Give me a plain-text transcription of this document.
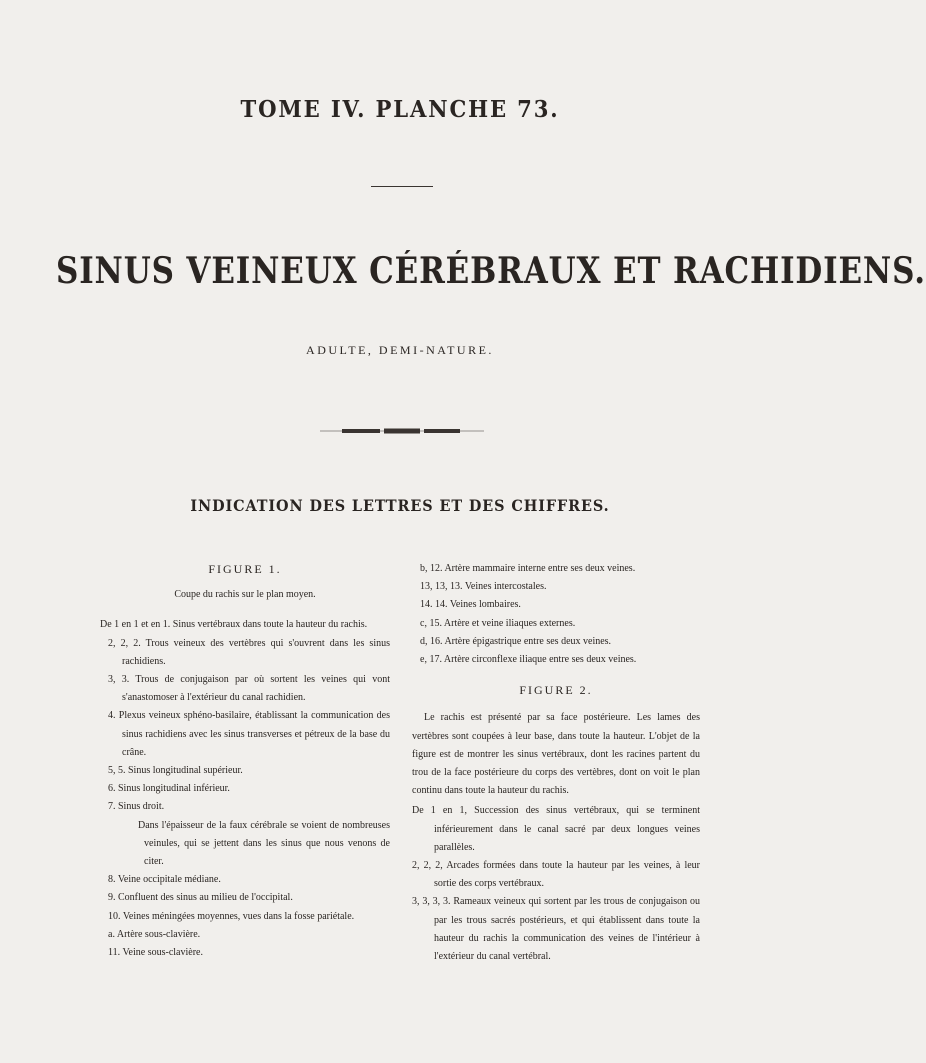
TOME IV. PLANCHE 73.
SINUS VEINEUX CÉRÉBRAUX ET RACHIDIENS.
ADULTE, DEMI-NATURE.
INDICATION DES LETTRES ET DES CHIFFRES.

FIGURE 1.

Coupe du rachis sur le plan moyen.

De 1 en 1 et en 1. Sinus vertébraux dans toute la hauteur du rachis.

2, 2, 2. Trous veineux des vertèbres qui s'ouvrent dans les sinus rachidiens.

3, 3. Trous de conjugaison par où sortent les veines qui vont s'anastomoser à l'extérieur du canal rachidien.

4. Plexus veineux sphéno-basilaire, établissant la communication des sinus rachidiens avec les sinus transverses et pétreux de la base du crâne.

5, 5. Sinus longitudinal supérieur.

6. Sinus longitudinal inférieur.

7. Sinus droit.

Dans l'épaisseur de la faux cérébrale se voient de nombreuses veinules, qui se jettent dans les sinus que nous venons de citer.

8. Veine occipitale médiane.

9. Confluent des sinus au milieu de l'occipital.

10. Veines méningées moyennes, vues dans la fosse pariétale.

a. Artère sous-clavière.

11. Veine sous-clavière.

b, 12. Artère mammaire interne entre ses deux veines.

13, 13, 13. Veines intercostales.

14. 14. Veines lombaires.

c, 15. Artère et veine iliaques externes.

d, 16. Artère épigastrique entre ses deux veines.

e, 17. Artère circonflexe iliaque entre ses deux veines.

FIGURE 2.

Le rachis est présenté par sa face postérieure. Les lames des vertèbres sont coupées à leur base, dans toute la hauteur. L'objet de la figure est de montrer les sinus vertébraux, dont les racines partent du trou de la face postérieure du corps des vertèbres, dont on voit le plan continu dans toute la hauteur du rachis.

De 1 en 1, Succession des sinus vertébraux, qui se terminent inférieurement dans le canal sacré par deux longues veines parallèles.

2, 2, 2, Arcades formées dans toute la hauteur par les veines, à leur sortie des corps vertébraux.

3, 3, 3, 3. Rameaux veineux qui sortent par les trous de conjugaison ou par les trous sacrés postérieurs, et qui établissent dans toute la hauteur du rachis la communication des veines de l'intérieur à l'extérieur du canal vertébral.
